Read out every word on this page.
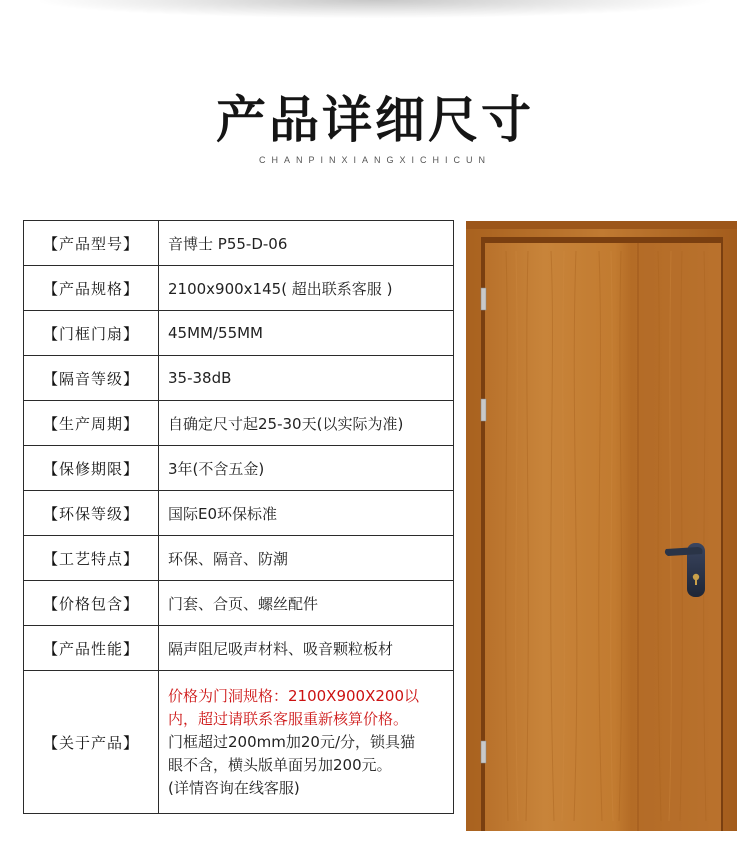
产品详细尺寸
CHANPINXIANGXICHICUN
【产品型号】	音博士 P55-D-06
【产品规格】	2100x900x145( 超出联系客服 )
【门框门扇】	45MM/55MM
【隔音等级】	35-38dB
【生产周期】	自确定尺寸起25-30天(以实际为准)
【保修期限】	3年(不含五金)
【环保等级】	国际E0环保标准
【工艺特点】	环保、隔音、防潮
【价格包含】	门套、合页、螺丝配件
【产品性能】	隔声阻尼吸声材料、吸音颗粒板材
【关于产品】	价格为门洞规格：2100X900X200以
内，超过请联系客服重新核算价格。
门框超过200mm加20元/分，锁具猫
眼不含，横头版单面另加200元。
(详情咨询在线客服)
